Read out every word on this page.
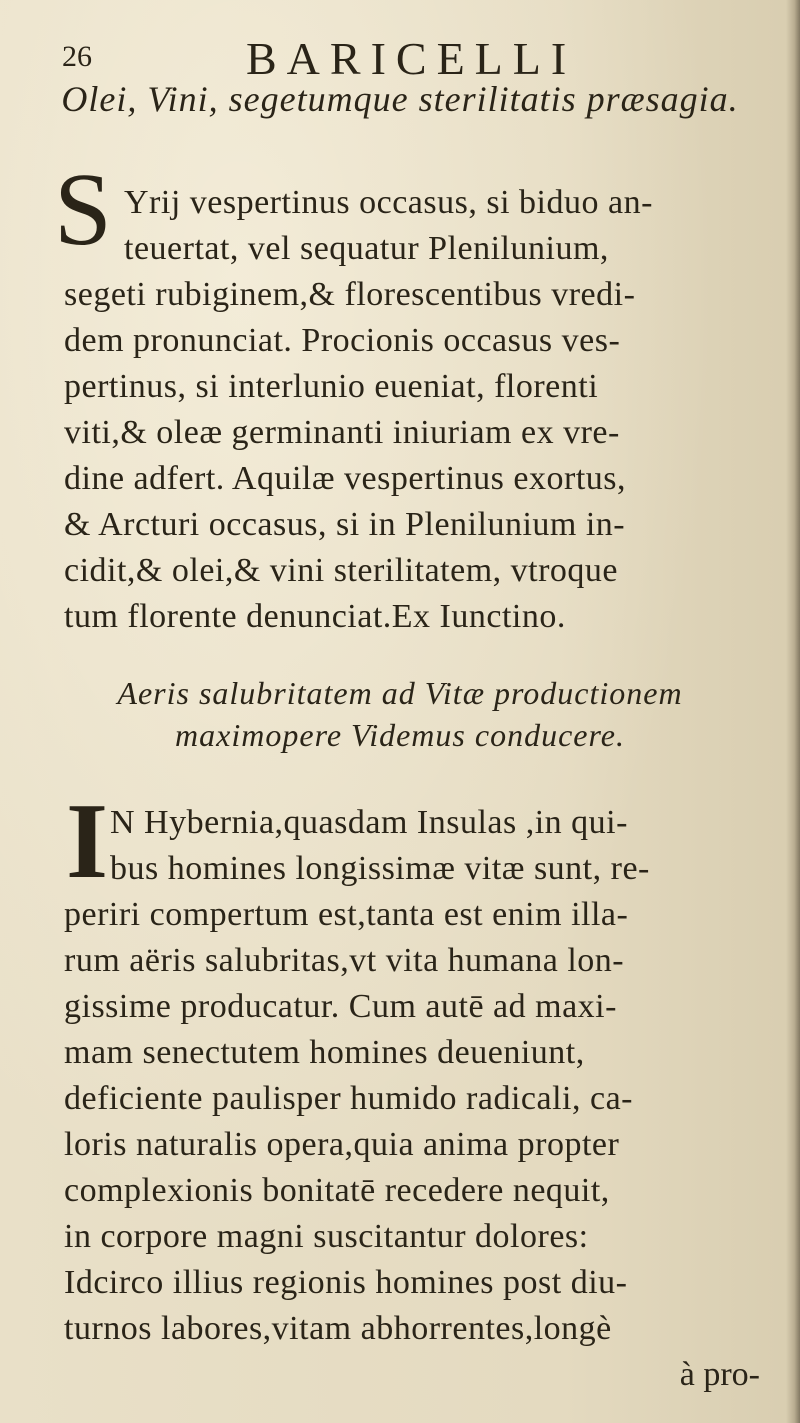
26	BARICELLI
Olei, Vini, segetumque sterilitatis præsagia.
S Yrij vespertinus occasus, si biduo an-
teuertat, vel sequatur Plenilunium,
segeti rubiginem,& florescentibus vredi-
dem pronunciat. Procionis occasus ves-
pertinus, si interlunio eueniat, florenti
viti,& oleæ germinanti iniuriam ex vre-
dine adfert. Aquilæ vespertinus exortus,
& Arcturi occasus, si in Plenilunium in-
cidit,& olei,& vini sterilitatem, vtroque
tum florente denunciat.Ex Iunctino.
Aeris salubritatem ad Vitæ productionem
maximopere Videmus conducere.
I N Hybernia,quasdam Insulas ,in qui-
bus homines longissimæ vitæ sunt, re-
periri compertum est,tanta est enim illa-
rum aëris salubritas,vt vita humana lon-
gissime producatur. Cum autē ad maxi-
mam senectutem homines deueniunt,
deficiente paulisper humido radicali, ca-
loris naturalis opera,quia anima propter
complexionis bonitatē recedere nequit,
in corpore magni suscitantur dolores:
Idcirco illius regionis homines post diu-
turnos labores,vitam abhorrentes,longè
à pro-
